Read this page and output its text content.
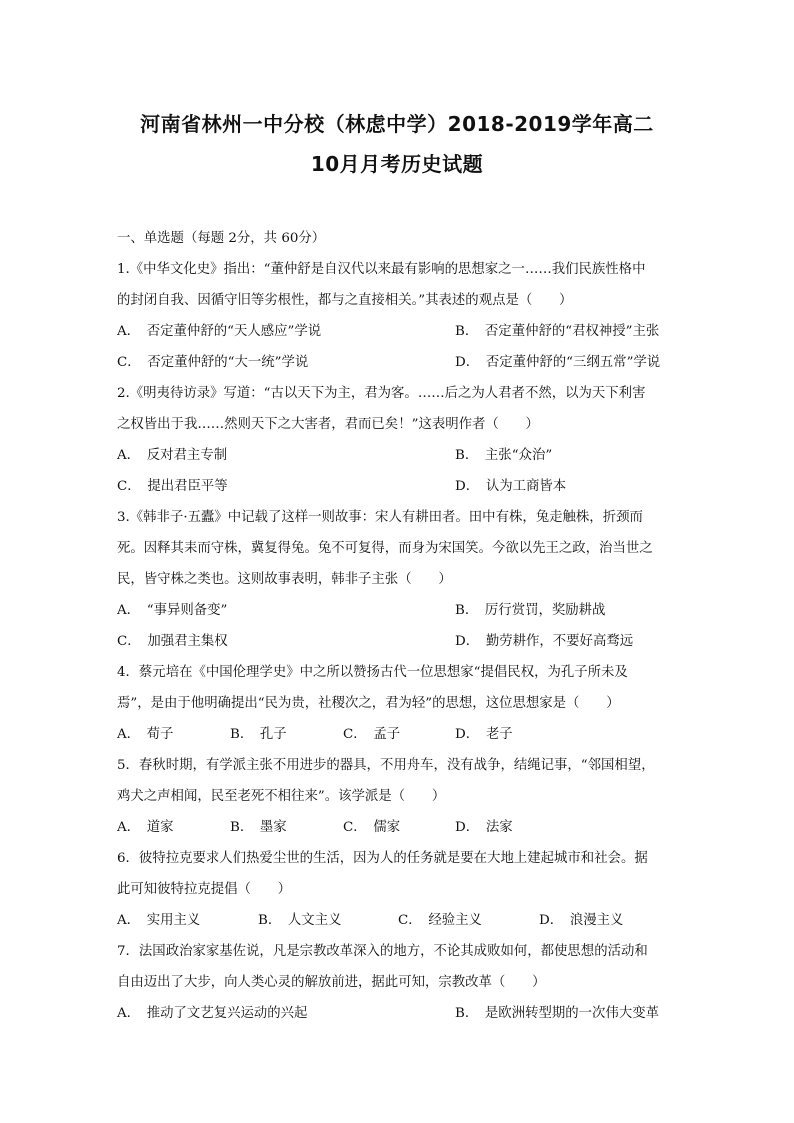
河南省林州一中分校（林虑中学）2018-2019学年高二
10月月考历史试题
一、单选题（每题 2分，共 60分）
1.《中华文化史》指出：“董仲舒是自汉代以来最有影响的思想家之一……我们民族性格中
的封闭自我、因循守旧等劣根性，都与之直接相关。”其表述的观点是（　　）
A．　否定董仲舒的“天人感应”学说	B．　否定董仲舒的“君权神授”主张
C．　否定董仲舒的“大一统”学说	D．　否定董仲舒的“三纲五常”学说
2.《明夷待访录》写道：“古以天下为主，君为客。……后之为人君者不然，以为天下利害
之权皆出于我……然则天下之大害者，君而已矣！”这表明作者（　　）
A．　反对君主专制	B．　主张“众治”
C．　提出君臣平等	D．　认为工商皆本
3.《韩非子·五蠹》中记载了这样一则故事：宋人有耕田者。田中有株，兔走触株，折颈而
死。因释其耒而守株，冀复得兔。兔不可复得，而身为宋国笑。今欲以先王之政，治当世之
民，皆守株之类也。这则故事表明，韩非子主张（　　）
A．　“事异则备变”	B．　厉行赏罚，奖励耕战
C．　加强君主集权	D．　勤劳耕作，不要好高骛远
4．蔡元培在《中国伦理学史》中之所以赞扬古代一位思想家“提倡民权，为孔子所未及
焉”，是由于他明确提出“民为贵，社稷次之，君为轻”的思想，这位思想家是（　　）
A．　荀子	B．　孔子	C．　孟子	D．　老子
5．春秋时期，有学派主张不用进步的器具，不用舟车，没有战争，结绳记事，“邻国相望，
鸡犬之声相闻，民至老死不相往来”。该学派是（　　）
A．　道家	B．　墨家	C．　儒家	D．　法家
6．彼特拉克要求人们热爱尘世的生活，因为人的任务就是要在大地上建起城市和社会。据
此可知彼特拉克提倡（　　）
A．　实用主义	B．　人文主义	C．　经验主义	D．　浪漫主义
7．法国政治家家基佐说，凡是宗教改革深入的地方，不论其成败如何，都使思想的活动和
自由迈出了大步，向人类心灵的解放前进，据此可知，宗教改革（　　）
A．　推动了文艺复兴运动的兴起	B．　是欧洲转型期的一次伟大变革
